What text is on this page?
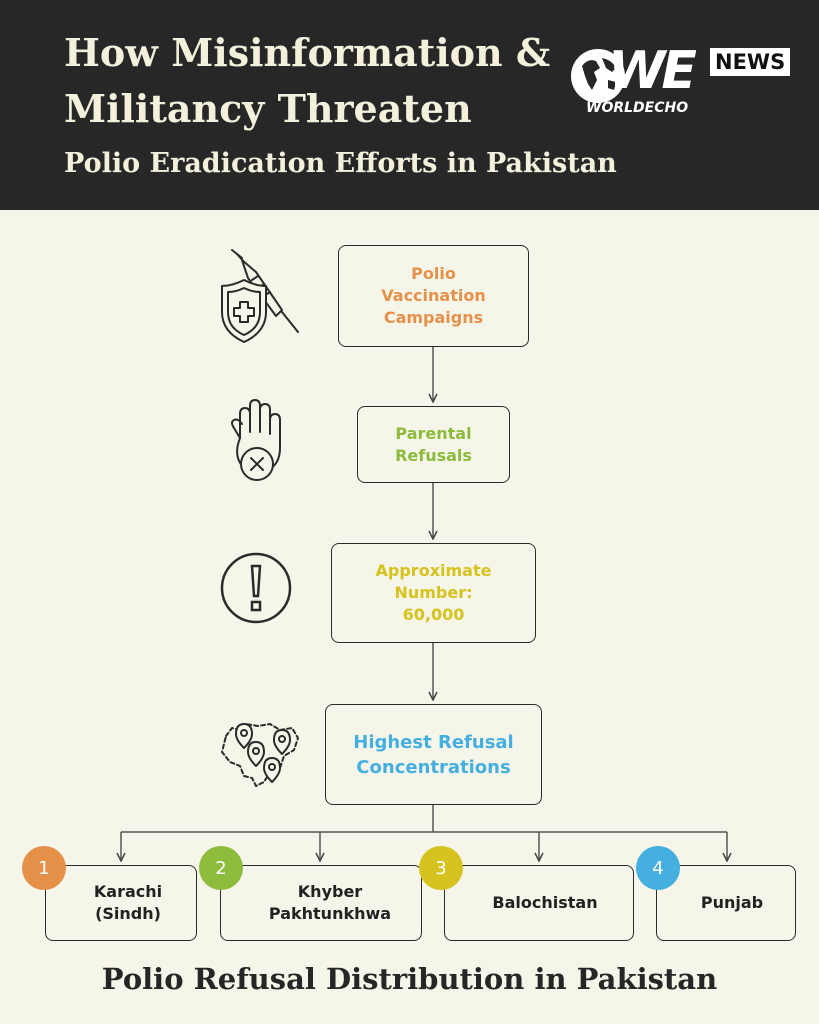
How Misinformation &
Militancy Threaten
Polio Eradication Efforts in Pakistan
WE NEWS
WORLDECHO
Polio
Vaccination
Campaigns
Parental
Refusals
Approximate
Number:
60,000
Highest Refusal
Concentrations
Karachi
(Sindh)
Khyber
Pakhtunkhwa
Balochistan	Punjab
1	2	3	4
Polio Refusal Distribution in Pakistan
